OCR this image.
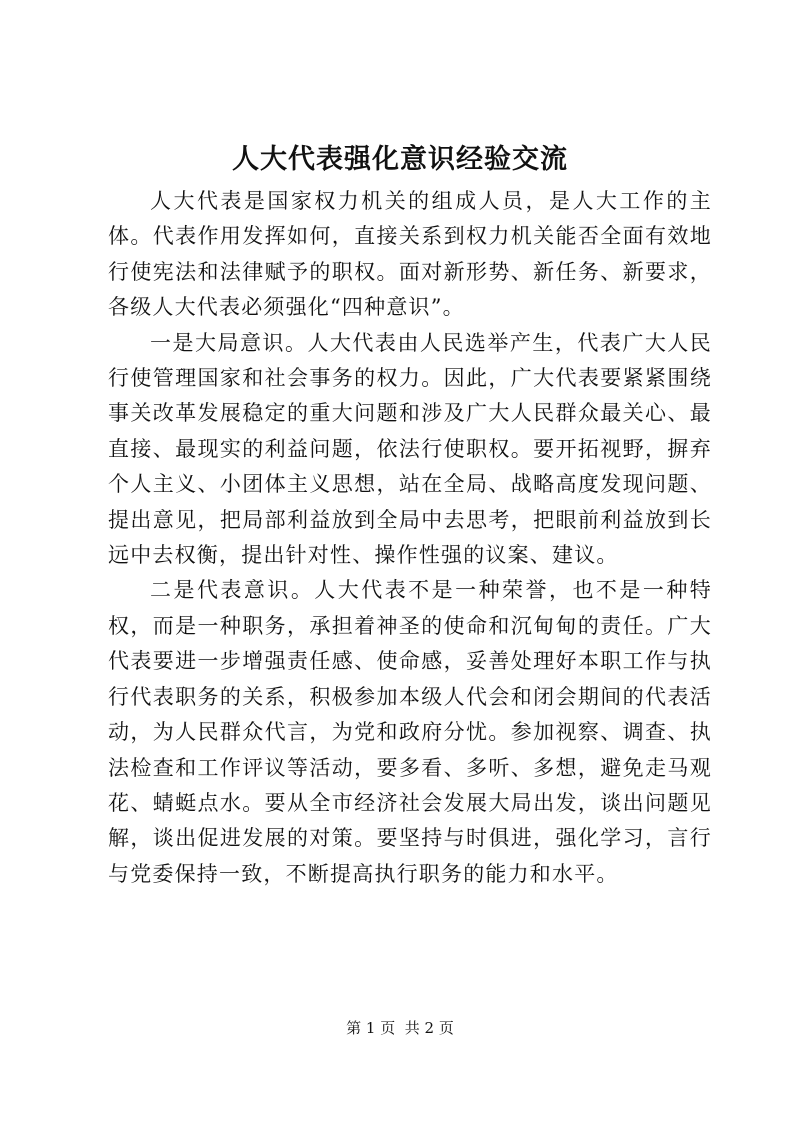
人大代表强化意识经验交流

人大代表是国家权力机关的组成人员，是人大工作的主体。代表作用发挥如何，直接关系到权力机关能否全面有效地行使宪法和法律赋予的职权。面对新形势、新任务、新要求，各级人大代表必须强化“四种意识”。

一是大局意识。人大代表由人民选举产生，代表广大人民行使管理国家和社会事务的权力。因此，广大代表要紧紧围绕事关改革发展稳定的重大问题和涉及广大人民群众最关心、最直接、最现实的利益问题，依法行使职权。要开拓视野，摒弃个人主义、小团体主义思想，站在全局、战略高度发现问题、提出意见，把局部利益放到全局中去思考，把眼前利益放到长远中去权衡，提出针对性、操作性强的议案、建议。

二是代表意识。人大代表不是一种荣誉，也不是一种特权，而是一种职务，承担着神圣的使命和沉甸甸的责任。广大代表要进一步增强责任感、使命感，妥善处理好本职工作与执行代表职务的关系，积极参加本级人代会和闭会期间的代表活动，为人民群众代言，为党和政府分忧。参加视察、调查、执法检查和工作评议等活动，要多看、多听、多想，避免走马观花、蜻蜓点水。要从全市经济社会发展大局出发，谈出问题见解，谈出促进发展的对策。要坚持与时俱进，强化学习，言行与党委保持一致，不断提高执行职务的能力和水平。

第 1 页  共 2 页
